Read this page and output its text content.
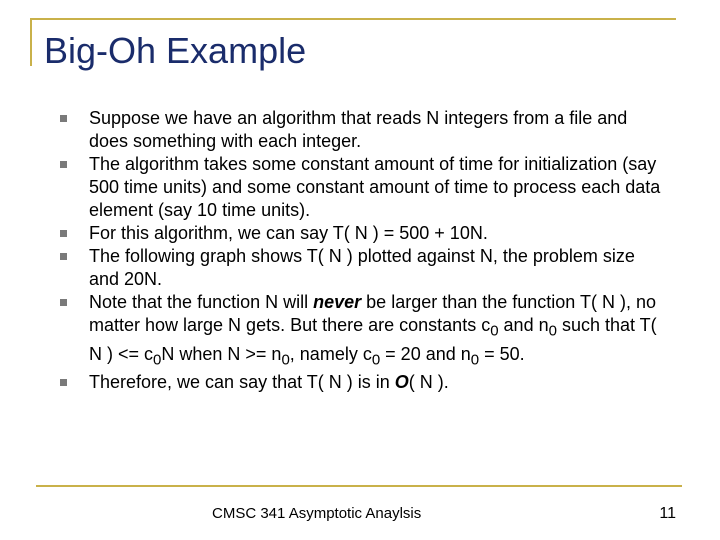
Big-Oh Example
Suppose we have an algorithm that reads N integers from a file and does something with each integer.
The algorithm takes some constant amount of time for initialization (say 500 time units) and some constant amount of time to process each data element (say 10 time units).
For this algorithm, we can say T( N ) = 500 + 10N.
The following graph shows T( N ) plotted against N, the problem size and 20N.
Note that the function N will never be larger than the function T( N ), no matter how large N gets. But there are constants $c_0$ and $n_0$ such that T( N ) <= $c_0N$ when $N >= n_0$, namely $c_0 = 20$ and $n_0 = 50$.
Therefore, we can say that T( N ) is in O( N ).
CMSC 341 Asymptotic Anaylsis	11
